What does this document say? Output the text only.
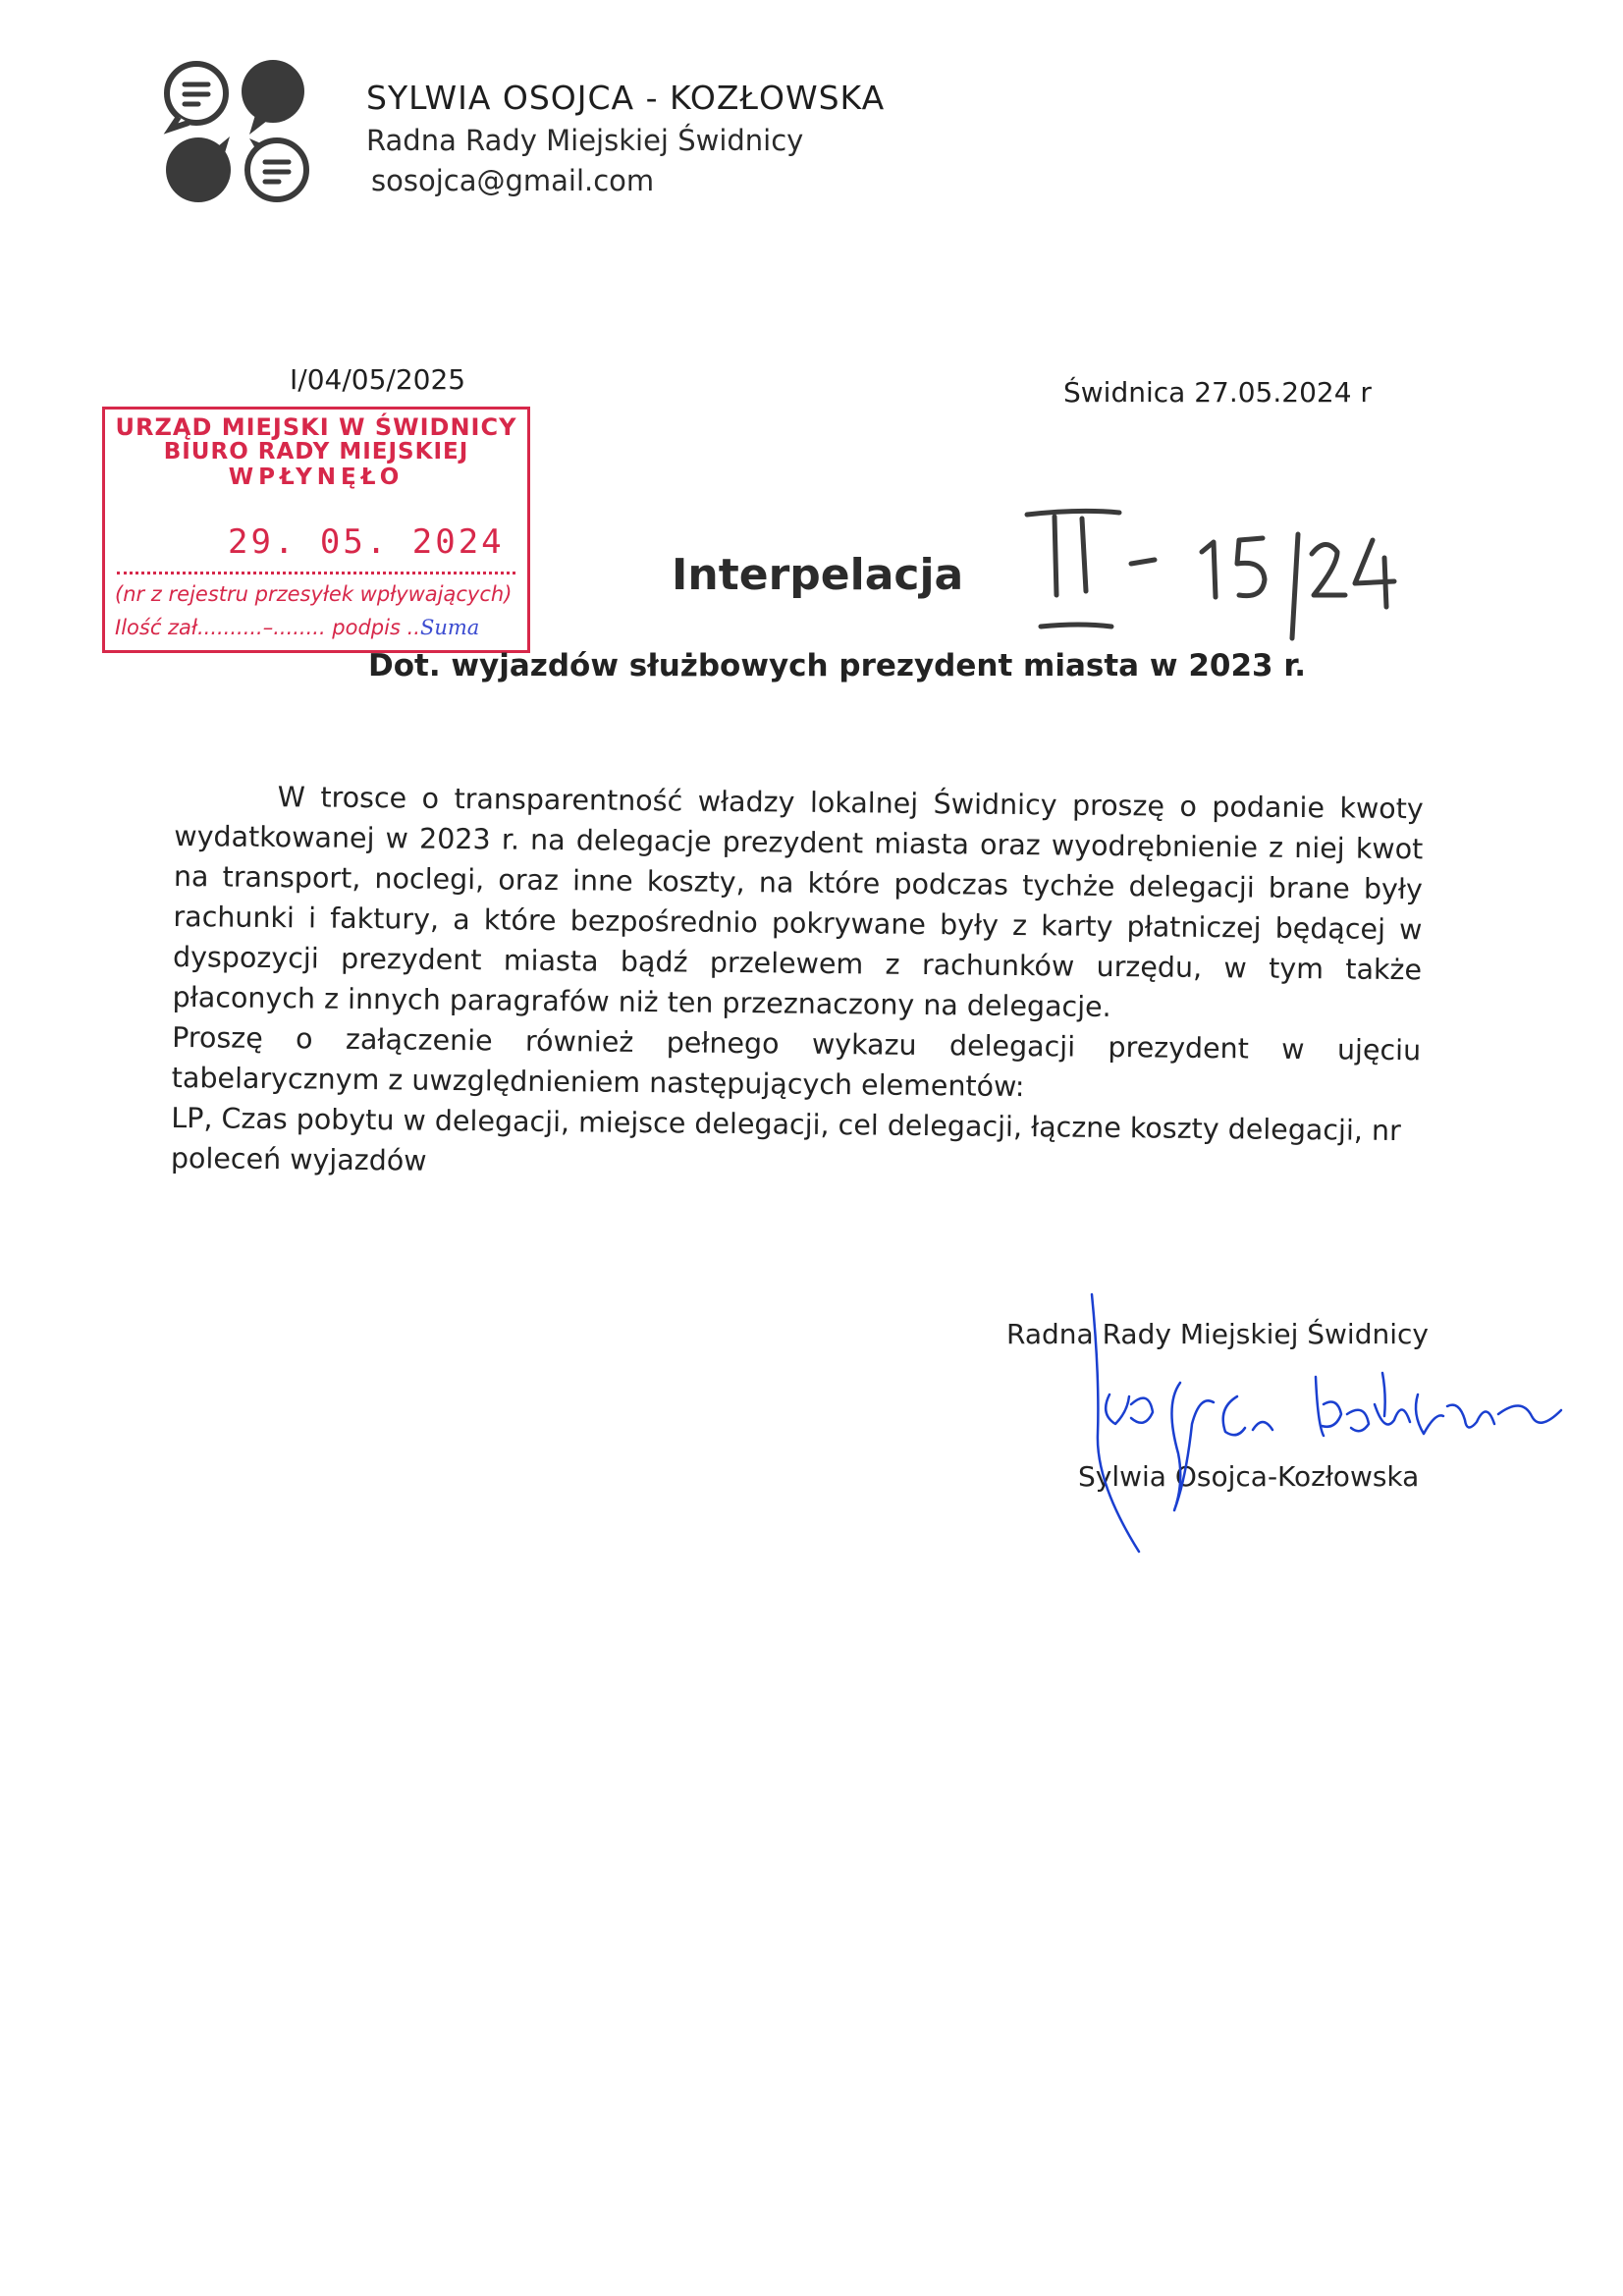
SYLWIA OSOJCA - KOZŁOWSKA
Radna Rady Miejskiej Świdnicy
sosojca@gmail.com
I/04/05/2025	Świdnica 27.05.2024 r
URZĄD MIEJSKI W ŚWIDNICY
BIURO RADY MIEJSKIEJ
WPŁYNĘŁO
29. 05. 2024
(nr z rejestru przesyłek wpływających)
Ilość zał..........–........ podpis ..Suma
Interpelacja
Dot. wyjazdów służbowych prezydent miasta w 2023 r.

W trosce o transparentność władzy lokalnej Świdnicy proszę o podanie kwoty wydatkowanej w 2023 r. na delegacje prezydent miasta oraz wyodrębnienie z niej kwot na transport, noclegi, oraz inne koszty, na które podczas tychże delegacji brane były rachunki i faktury, a które bezpośrednio pokrywane były z karty płatniczej będącej w dyspozycji prezydent miasta bądź przelewem z rachunków urzędu, w tym także płaconych z innych paragrafów niż ten przeznaczony na delegacje.

Proszę o załączenie również pełnego wykazu delegacji prezydent w ujęciu tabelarycznym z uwzględnieniem następujących elementów:

LP, Czas pobytu w delegacji, miejsce delegacji, cel delegacji, łączne koszty delegacji, nr poleceń wyjazdów

Radna Rady Miejskiej Świdnicy
Sylwia Osojca-Kozłowska
